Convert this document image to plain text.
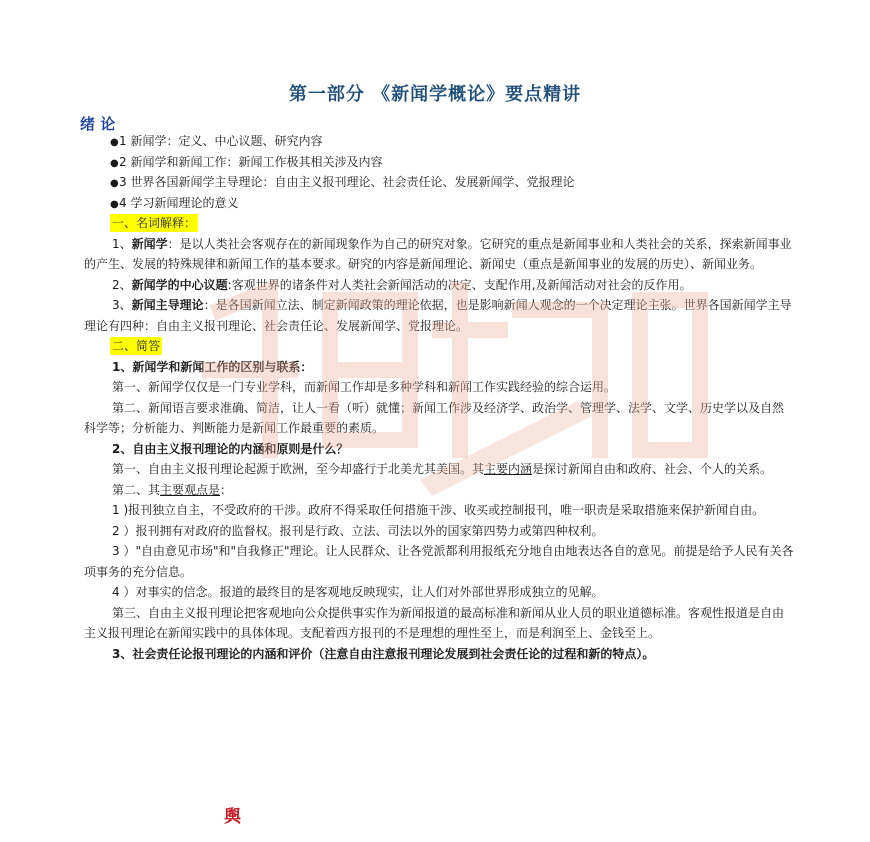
第一部分 《新闻学概论》要点精讲
绪 论
●1 新闻学：定义、中心议题、研究内容
●2 新闻学和新闻工作：新闻工作极其相关涉及内容
●3 世界各国新闻学主导理论：自由主义报刊理论、社会责任论、发展新闻学、党报理论
●4 学习新闻理论的意义
一、名词解释：

1、新闻学：是以人类社会客观存在的新闻现象作为自己的研究对象。它研究的重点是新闻事业和人类社会的关系，探索新闻事业的产生、发展的特殊规律和新闻工作的基本要求。研究的内容是新闻理论、新闻史（重点是新闻事业的发展的历史）、新闻业务。

2、新闻学的中心议题:客观世界的诸条件对人类社会新闻活动的决定、支配作用,及新闻活动对社会的反作用。

3、新闻主导理论：是各国新闻立法、制定新闻政策的理论依据，也是影响新闻人观念的一个决定理论主张。世界各国新闻学主导理论有四种：自由主义报刊理论、社会责任论、发展新闻学、党报理论。

二、简答

1、新闻学和新闻工作的区别与联系：

第一、新闻学仅仅是一门专业学科，而新闻工作却是多种学科和新闻工作实践经验的综合运用。

第二、新闻语言要求准确、简洁，让人一看（听）就懂；新闻工作涉及经济学、政治学、管理学、法学、文学、历史学以及自然科学等；分析能力、判断能力是新闻工作最重要的素质。

2、自由主义报刊理论的内涵和原则是什么？

第一、自由主义报刊理论起源于欧洲，至今却盛行于北美尤其美国。其主要内涵是探讨新闻自由和政府、社会、个人的关系。

第二、其主要观点是：

1 )报刊独立自主，不受政府的干涉。政府不得采取任何措施干涉、收买或控制报刊，唯一职责是采取措施来保护新闻自由。

2 ）报刊拥有对政府的监督权。报刊是行政、立法、司法以外的国家第四势力或第四种权利。

3 ）"自由意见市场"和"自我修正"理论。让人民群众、让各党派都利用报纸充分地自由地表达各自的意见。前提是给予人民有关各项事务的充分信息。

4 ）对事实的信念。报道的最终目的是客观地反映现实，让人们对外部世界形成独立的见解。

第三、自由主义报刊理论把客观地向公众提供事实作为新闻报道的最高标准和新闻从业人员的职业道德标准。客观性报道是自由主义报刊理论在新闻实践中的具体体现。支配着西方报刊的不是理想的理性至上，而是利润至上、金钱至上。

3、社会责任论报刊理论的内涵和评价（注意自由注意报刊理论发展到社会责任论的过程和新的特点）。

舆
